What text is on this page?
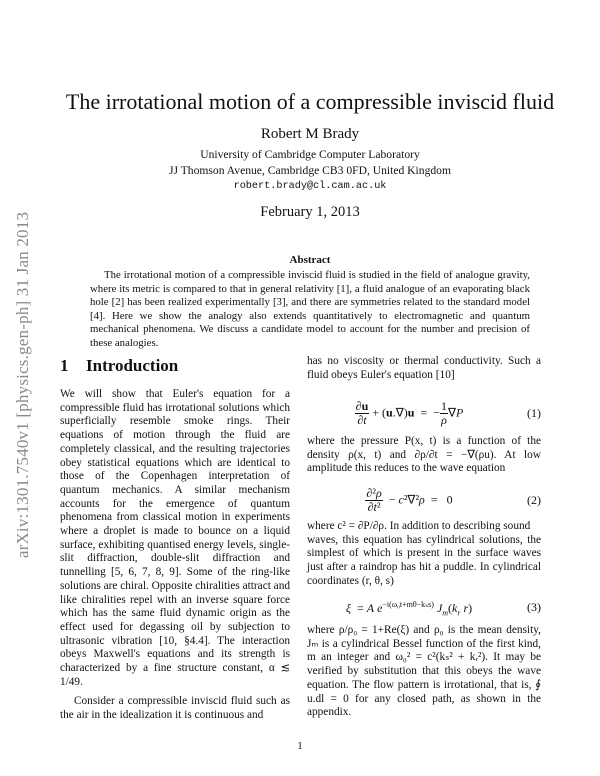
arXiv:1301.7540v1 [physics.gen-ph] 31 Jan 2013
The irrotational motion of a compressible inviscid fluid
Robert M Brady
University of Cambridge Computer Laboratory
JJ Thomson Avenue, Cambridge CB3 0FD, United Kingdom
robert.brady@cl.cam.ac.uk
February 1, 2013
Abstract

The irrotational motion of a compressible inviscid fluid is studied in the field of analogue gravity, where its metric is compared to that in general relativity [1], a fluid analogue of an evaporating black hole [2] has been realized experimentally [3], and there are symmetries related to the standard model [4]. Here we show the analogy also extends quantitatively to electromagnetic and quantum mechanical phenomena. We discuss a candidate model to account for the number and precision of these analogies.

1 Introduction

We will show that Euler's equation for a compressible fluid has irrotational solutions which superficially resemble smoke rings. Their equations of motion through the fluid are completely classical, and the resulting trajectories obey statistical equations which are identical to those of the Copenhagen interpretation of quantum mechanics. A similar mechanism accounts for the emergence of quantum phenomena from classical motion in experiments where a droplet is made to bounce on a liquid surface, exhibiting quantised energy levels, single-slit diffraction, double-slit diffraction and tunnelling [5, 6, 7, 8, 9]. Some of the ring-like solutions are chiral. Opposite chiralities attract and like chiralities repel with an inverse square force which has the same fluid dynamic origin as the effect used for degassing oil by subjection to ultrasonic vibration [10, §4.4]. The interaction obeys Maxwell's equations and its strength is characterized by a fine structure constant, α ≲ 1/49.

Consider a compressible inviscid fluid such as the air in the idealization it is continuous and

has no viscosity or thermal conductivity. Such a fluid obeys Euler's equation [10]

$\frac{\partial u}{\partial t} + (u.\nabla)u$  =  − $\frac{1}{\rho} \nabla P$	(1)

where the pressure P(x, t) is a function of the density ρ(x, t) and ∂ρ/∂t = −∇(ρu). At low amplitude this reduces to the wave equation

$\frac{\text{∂²ρ}}{\text{∂t²}} - c^2\nabla^2\rho = 0$	(2)

where c² = ∂P/∂ρ. In addition to describing sound

waves, this equation has cylindrical solutions, the simplest of which is present in the surface waves just after a raindrop has hit a puddle. In cylindrical coordinates (r, θ, s)

ξ  = A $e^{-i(\omega_0t+m\theta-k_ss)}$ $J_m(k_r$ r)	(3)

where ρ/ρ₀ = 1+Re(ξ) and ρ₀ is the mean density, Jₘ is a cylindrical Bessel function of the first kind, m an integer and ω₀² = c²(kₛ² + kᵣ²). It may be verified by substitution that this obeys the wave equation. The flow pattern is irrotational, that is, ∮ u.dl = 0 for any closed path, as shown in the appendix.

1
